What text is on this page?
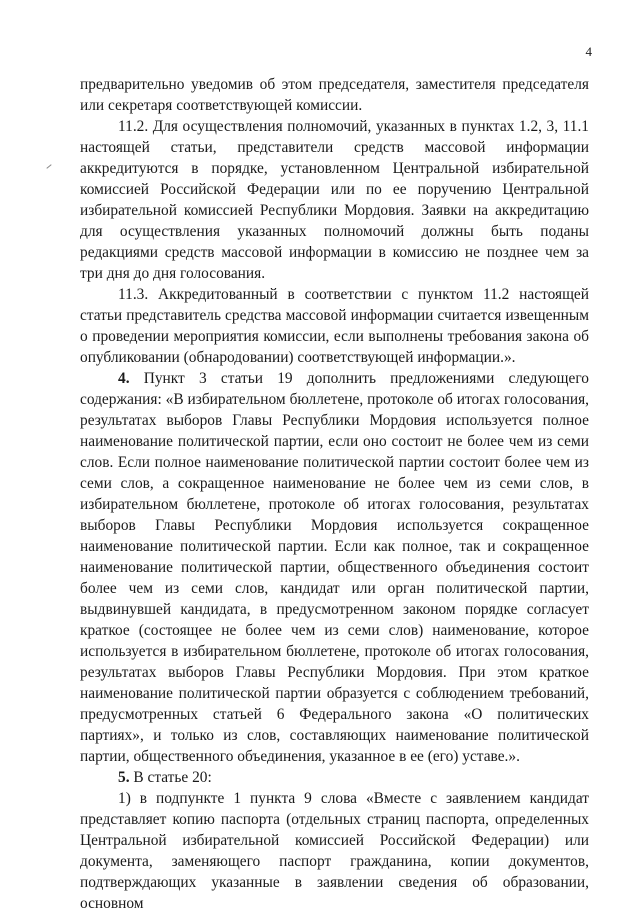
4

предварительно уведомив об этом председателя, заместителя председателя или секретаря соответствующей комиссии.

11.2. Для осуществления полномочий, указанных в пунктах 1.2, 3, 11.1 настоящей статьи, представители средств массовой информации аккредитуются в порядке, установленном Центральной избирательной комиссией Российской Федерации или по ее поручению Центральной избирательной комиссией Республики Мордовия. Заявки на аккредитацию для осуществления указанных полномочий должны быть поданы редакциями средств массовой информации в комиссию не позднее чем за три дня до дня голосования.

11.3. Аккредитованный в соответствии с пунктом 11.2 настоящей статьи представитель средства массовой информации считается извещенным о проведении мероприятия комиссии, если выполнены требования закона об опубликовании (обнародовании) соответствующей информации.».

4. Пункт 3 статьи 19 дополнить предложениями следующего содержания: «В избирательном бюллетене, протоколе об итогах голосования, результатах выборов Главы Республики Мордовия используется полное наименование политической партии, если оно состоит не более чем из семи слов. Если полное наименование политической партии состоит более чем из семи слов, а сокращенное наименование не более чем из семи слов, в избирательном бюллетене, протоколе об итогах голосования, результатах выборов Главы Республики Мордовия используется сокращенное наименование политической партии. Если как полное, так и сокращенное наименование политической партии, общественного объединения состоит более чем из семи слов, кандидат или орган политической партии, выдвинувшей кандидата, в предусмотренном законом порядке согласует краткое (состоящее не более чем из семи слов) наименование, которое используется в избирательном бюллетене, протоколе об итогах голосования, результатах выборов Главы Республики Мордовия. При этом краткое наименование политической партии образуется с соблюдением требований, предусмотренных статьей 6 Федерального закона «О политических партиях», и только из слов, составляющих наименование политической партии, общественного объединения, указанное в ее (его) уставе.».

5. В статье 20:

1) в подпункте 1 пункта 9 слова «Вместе с заявлением кандидат представляет копию паспорта (отдельных страниц паспорта, определенных Центральной избирательной комиссией Российской Федерации) или документа, заменяющего паспорт гражданина, копии документов, подтверждающих указанные в заявлении сведения об образовании, основном
